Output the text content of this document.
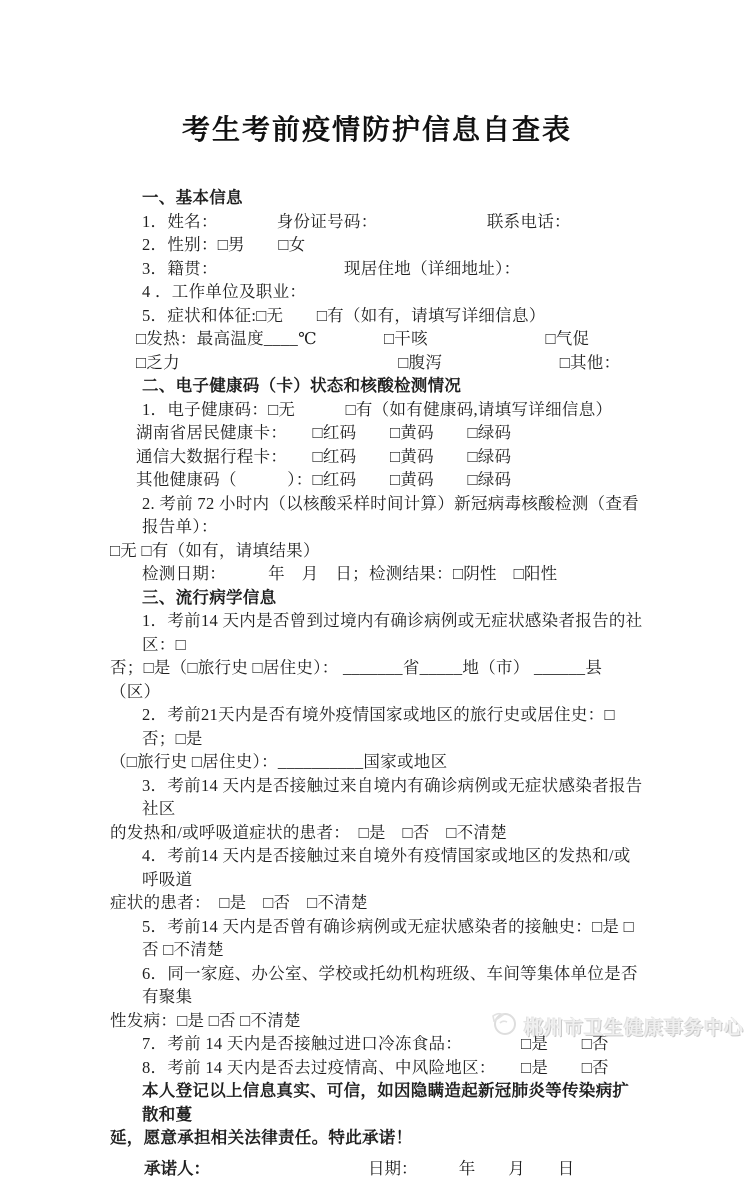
考生考前疫情防护信息自查表

一、基本信息

1．姓名：　　　　身份证号码：　　　　　　　联系电话：

2．性别：□男　　□女

3．籍贯：　　　　　　　　现居住地（详细地址）：

4 ．工作单位及职业：

5．症状和体征:□无　　□有（如有，请填写详细信息）

□发热：最高温度____℃　　　　□干咳　　　　　　　□气促

□乏力　　　　　　　　　　　　　□腹泻　　　　　　　□其他：

二、电子健康码（卡）状态和核酸检测情况

1．电子健康码：□无　　　□有（如有健康码,请填写详细信息）

湖南省居民健康卡：　　□红码　　□黄码　　□绿码

通信大数据行程卡：　　□红码　　□黄码　　□绿码

其他健康码（　　　）：□红码　　□黄码　　□绿码

2. 考前 72 小时内（以核酸采样时间计算）新冠病毒核酸检测（查看报告单）：

□无 □有（如有，请填结果）

检测日期：　　　年　月　日；检测结果：□阴性　□阳性

三、流行病学信息

1．考前14 天内是否曾到过境内有确诊病例或无症状感染者报告的社区：□

否；□是（□旅行史 □居住史）： _______省_____地（市） ______县（区）

2．考前21天内是否有境外疫情国家或地区的旅行史或居住史：□否；□是

（□旅行史 □居住史）：__________国家或地区

3．考前14 天内是否接触过来自境内有确诊病例或无症状感染者报告社区

的发热和/或呼吸道症状的患者：　□是　□否　□不清楚

4．考前14 天内是否接触过来自境外有疫情国家或地区的发热和/或呼吸道

症状的患者：　□是　□否　□不清楚

5．考前14 天内是否曾有确诊病例或无症状感染者的接触史：□是 □否 □不清楚

6．同一家庭、办公室、学校或托幼机构班级、车间等集体单位是否有聚集

性发病：□是 □否 □不清楚

7．考前 14 天内是否接触过进口冷冻食品：　　　　□是　　□否

8．考前 14 天内是否去过疫情高、中风险地区：　　□是　　□否

本人登记以上信息真实、可信，如因隐瞒造起新冠肺炎等传染病扩散和蔓

延，愿意承担相关法律责任。特此承诺！

承诺人：	日期：　　　年　　月　　日
郴州市卫生健康事务中心
